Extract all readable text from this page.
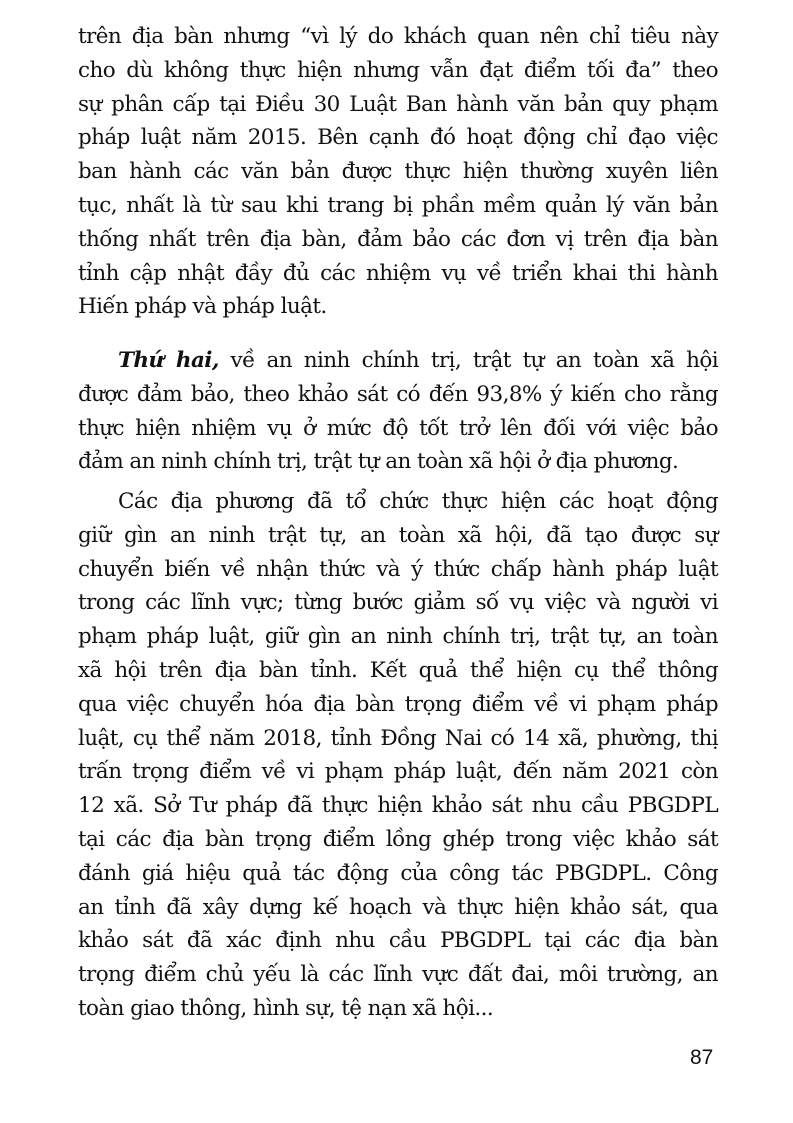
trên địa bàn nhưng “vì lý do khách quan nên chỉ tiêu này
cho dù không thực hiện nhưng vẫn đạt điểm tối đa” theo
sự phân cấp tại Điều 30 Luật Ban hành văn bản quy phạm
pháp luật năm 2015. Bên cạnh đó hoạt động chỉ đạo việc
ban hành các văn bản được thực hiện thường xuyên liên
tục, nhất là từ sau khi trang bị phần mềm quản lý văn bản
thống nhất trên địa bàn, đảm bảo các đơn vị trên địa bàn
tỉnh cập nhật đầy đủ các nhiệm vụ về triển khai thi hành
Hiến pháp và pháp luật.
Thứ hai, về an ninh chính trị, trật tự an toàn xã hội
được đảm bảo, theo khảo sát có đến 93,8% ý kiến cho rằng
thực hiện nhiệm vụ ở mức độ tốt trở lên đối với việc bảo
đảm an ninh chính trị, trật tự an toàn xã hội ở địa phương.
Các địa phương đã tổ chức thực hiện các hoạt động
giữ gìn an ninh trật tự, an toàn xã hội, đã tạo được sự
chuyển biến về nhận thức và ý thức chấp hành pháp luật
trong các lĩnh vực; từng bước giảm số vụ việc và người vi
phạm pháp luật, giữ gìn an ninh chính trị, trật tự, an toàn
xã hội trên địa bàn tỉnh. Kết quả thể hiện cụ thể thông
qua việc chuyển hóa địa bàn trọng điểm về vi phạm pháp
luật, cụ thể năm 2018, tỉnh Đồng Nai có 14 xã, phường, thị
trấn trọng điểm về vi phạm pháp luật, đến năm 2021 còn
12 xã. Sở Tư pháp đã thực hiện khảo sát nhu cầu PBGDPL
tại các địa bàn trọng điểm lồng ghép trong việc khảo sát
đánh giá hiệu quả tác động của công tác PBGDPL. Công
an tỉnh đã xây dựng kế hoạch và thực hiện khảo sát, qua
khảo sát đã xác định nhu cầu PBGDPL tại các địa bàn
trọng điểm chủ yếu là các lĩnh vực đất đai, môi trường, an
toàn giao thông, hình sự, tệ nạn xã hội...
87
